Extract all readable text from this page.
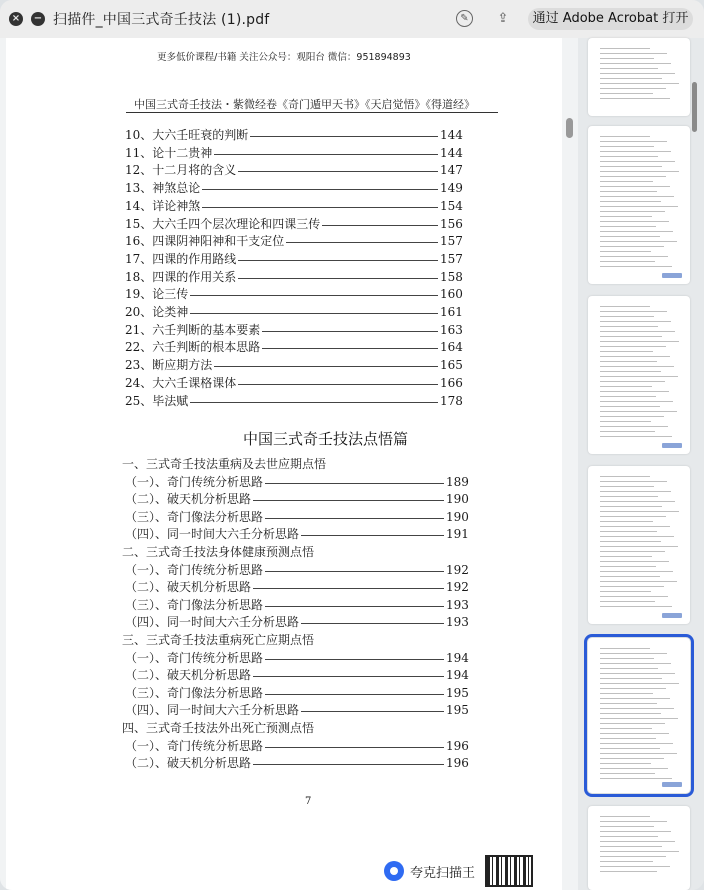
× − 扫描件_中国三式奇壬技法 (1).pdf	✎	⇪	通过 Adobe Acrobat 打开
更多低价课程/书籍 关注公众号：观阳台 微信：951894893
中国三式奇壬技法・紫微经卷《奇门遁甲天书》《天启觉悟》《得道经》
10、大六壬旺衰的判断	144
11、论十二贵神	144
12、十二月将的含义	147
13、神煞总论	149
14、详论神煞	154
15、大六壬四个层次理论和四课三传	156
16、四课阴神阳神和干支定位	157
17、四课的作用路线	157
18、四课的作用关系	158
19、论三传	160
20、论类神	161
21、六壬判断的基本要素	163
22、六壬判断的根本思路	164
23、断应期方法	165
24、大六壬课格课体	166
25、毕法赋	178
中国三式奇壬技法点悟篇
一、三式奇壬技法重病及去世应期点悟
（一）、奇门传统分析思路	189
（二）、破天机分析思路	190
（三）、奇门像法分析思路	190
（四）、同一时间大六壬分析思路	191
二、三式奇壬技法身体健康预测点悟
（一）、奇门传统分析思路	192
（二）、破天机分析思路	192
（三）、奇门像法分析思路	193
（四）、同一时间大六壬分析思路	193
三、三式奇壬技法重病死亡应期点悟
（一）、奇门传统分析思路	194
（二）、破天机分析思路	194
（三）、奇门像法分析思路	195
（四）、同一时间大六壬分析思路	195
四、三式奇壬技法外出死亡预测点悟
（一）、奇门传统分析思路	196
（二）、破天机分析思路	196
7
夸克扫描王
